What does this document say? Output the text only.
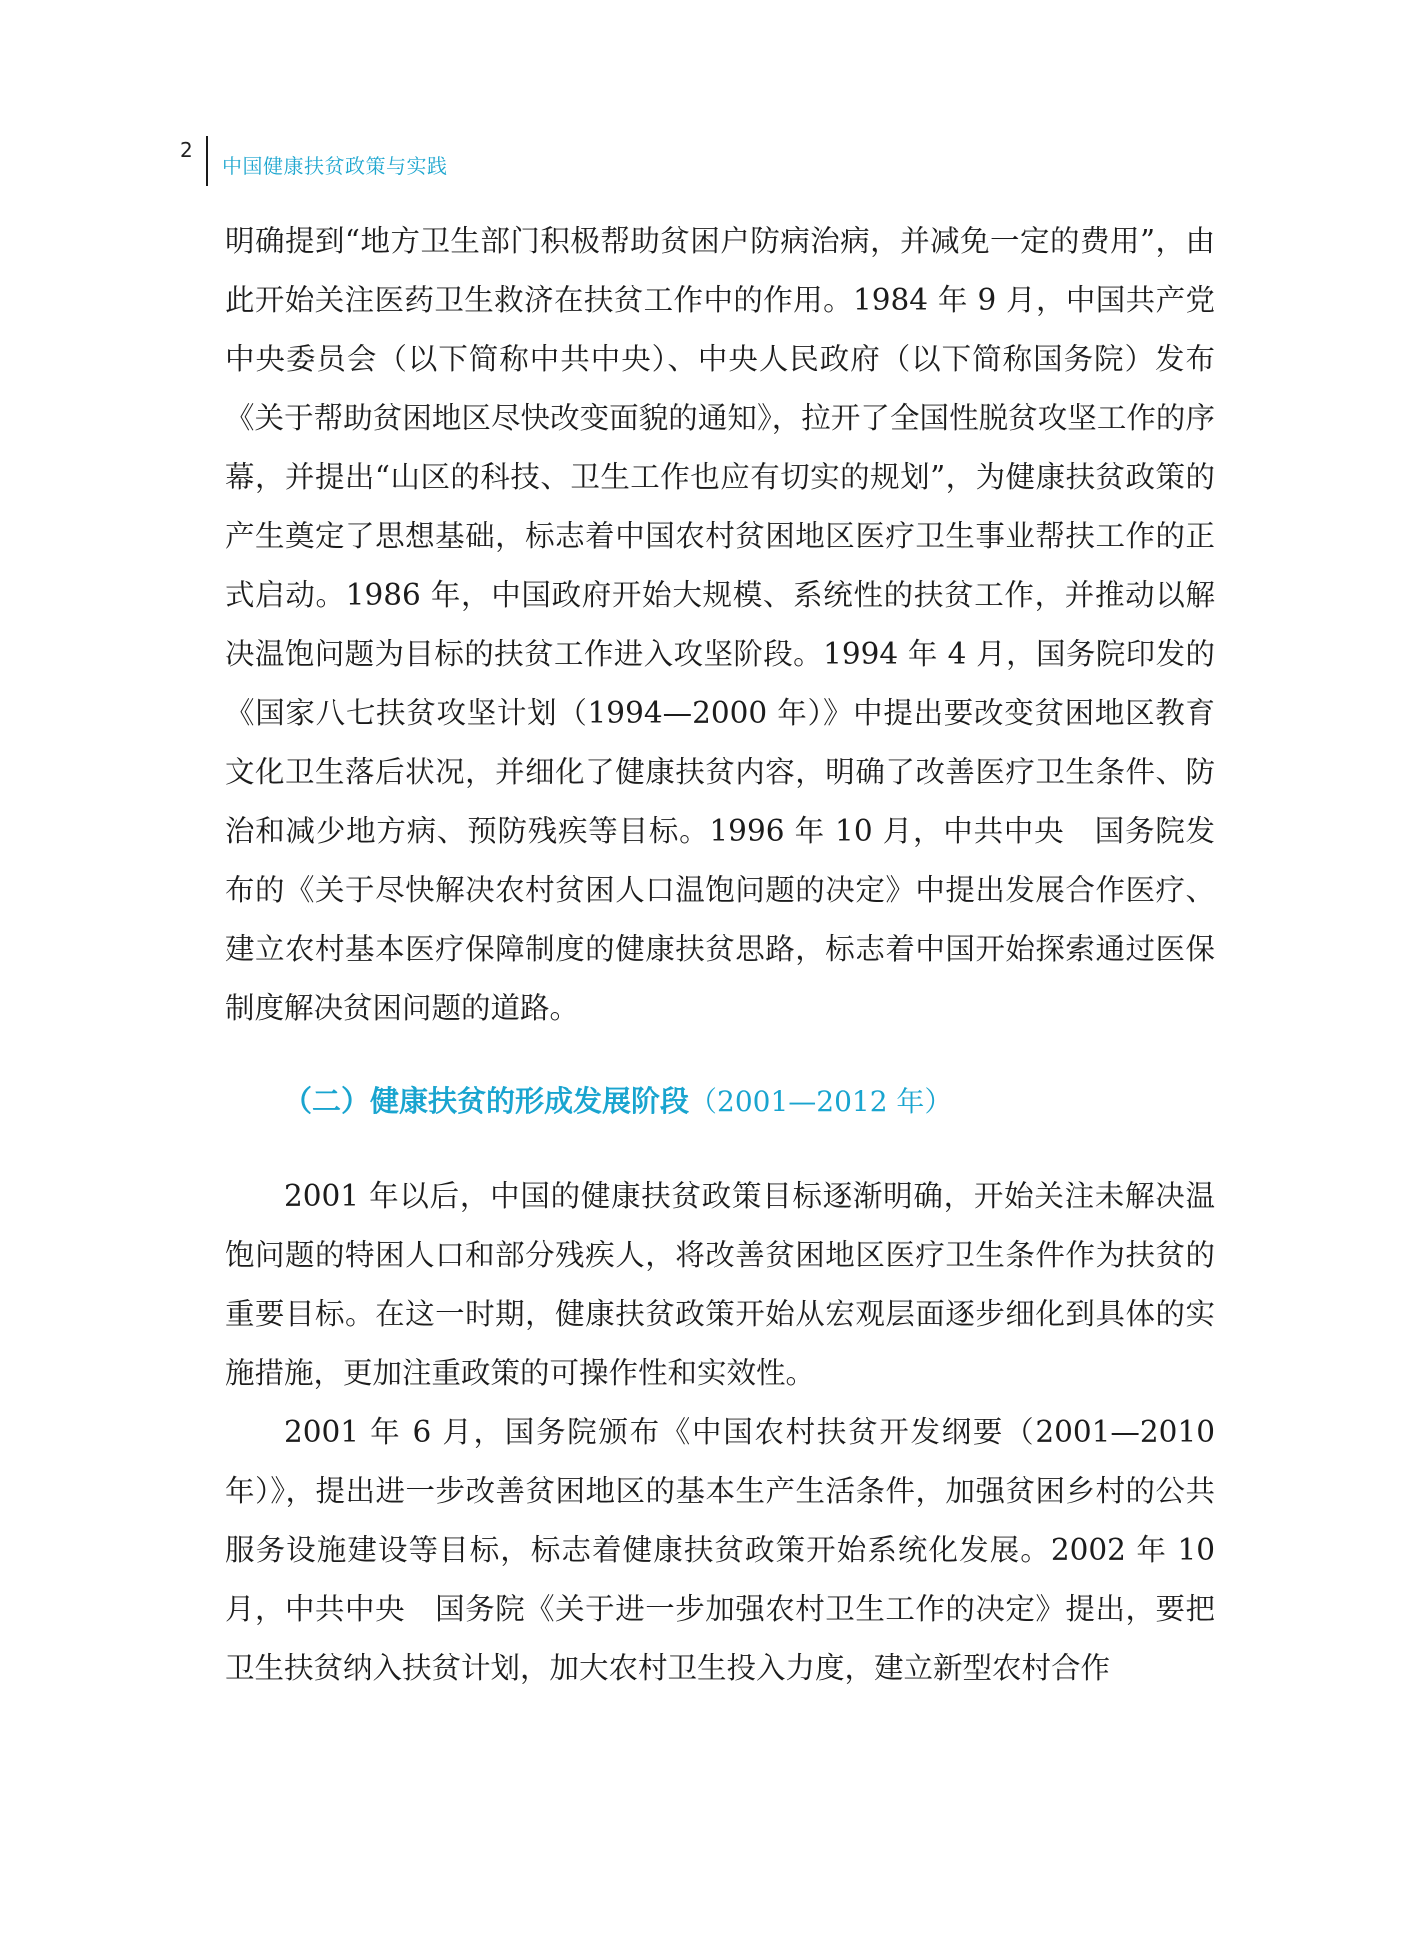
2
中国健康扶贫政策与实践

明确提到“地方卫生部门积极帮助贫困户防病治病，并减免一定的费用”，由此开始关注医药卫生救济在扶贫工作中的作用。1984 年 9 月，中国共产党中央委员会（以下简称中共中央）、中央人民政府（以下简称国务院）发布《关于帮助贫困地区尽快改变面貌的通知》，拉开了全国性脱贫攻坚工作的序幕，并提出“山区的科技、卫生工作也应有切实的规划”，为健康扶贫政策的产生奠定了思想基础，标志着中国农村贫困地区医疗卫生事业帮扶工作的正式启动。1986 年，中国政府开始大规模、系统性的扶贫工作，并推动以解决温饱问题为目标的扶贫工作进入攻坚阶段。1994 年 4 月，国务院印发的《国家八七扶贫攻坚计划（1994—2000 年）》中提出要改变贫困地区教育文化卫生落后状况，并细化了健康扶贫内容，明确了改善医疗卫生条件、防治和减少地方病、预防残疾等目标。1996 年 10 月，中共中央　国务院发布的《关于尽快解决农村贫困人口温饱问题的决定》中提出发展合作医疗、建立农村基本医疗保障制度的健康扶贫思路，标志着中国开始探索通过医保制度解决贫困问题的道路。

（二）健康扶贫的形成发展阶段（2001—2012 年）

2001 年以后，中国的健康扶贫政策目标逐渐明确，开始关注未解决温饱问题的特困人口和部分残疾人，将改善贫困地区医疗卫生条件作为扶贫的重要目标。在这一时期，健康扶贫政策开始从宏观层面逐步细化到具体的实施措施，更加注重政策的可操作性和实效性。

2001 年 6 月，国务院颁布《中国农村扶贫开发纲要（2001—2010 年）》，提出进一步改善贫困地区的基本生产生活条件，加强贫困乡村的公共服务设施建设等目标，标志着健康扶贫政策开始系统化发展。2002 年 10 月，中共中央　国务院《关于进一步加强农村卫生工作的决定》提出，要把卫生扶贫纳入扶贫计划，加大农村卫生投入力度，建立新型农村合作
